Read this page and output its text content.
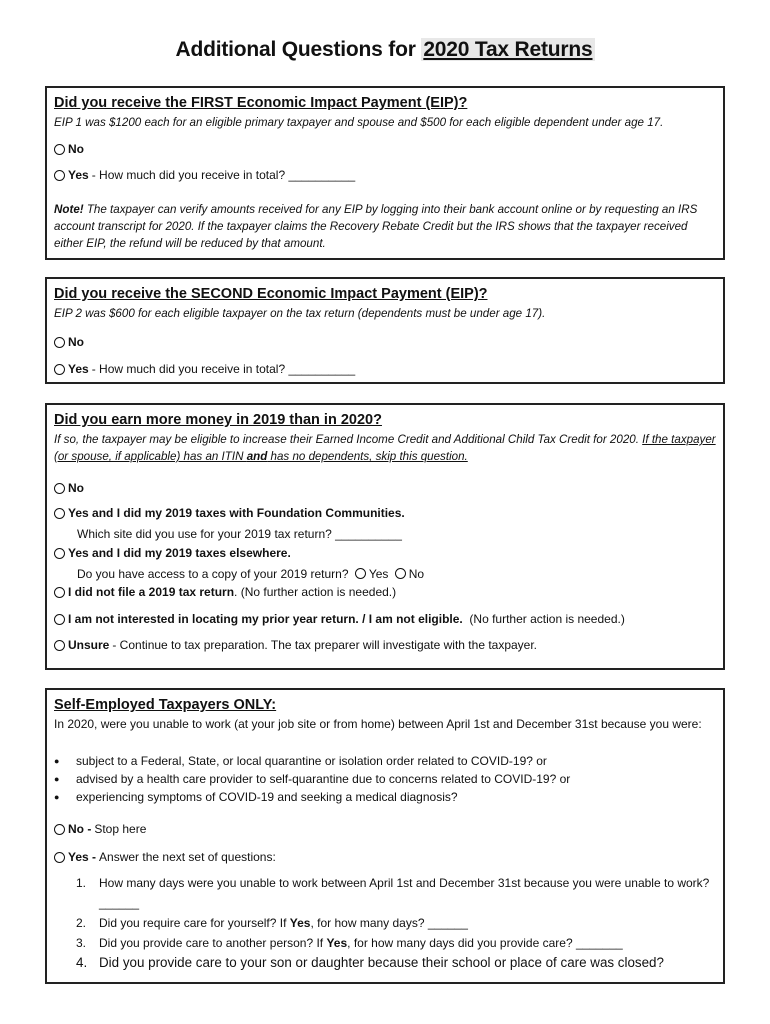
Additional Questions for 2020 Tax Returns

Did you receive the FIRST Economic Impact Payment (EIP)?

EIP 1 was $1200 each for an eligible primary taxpayer and spouse and $500 for each eligible dependent under age 17.

No
Yes - How much did you receive in total? __________
Note! The taxpayer can verify amounts received for any EIP by logging into their bank account online or by requesting an IRS account transcript for 2020. If the taxpayer claims the Recovery Rebate Credit but the IRS shows that the taxpayer received either EIP, the refund will be reduced by that amount.

Did you receive the SECOND Economic Impact Payment (EIP)?

EIP 2 was $600 for each eligible taxpayer on the tax return (dependents must be under age 17).

No
Yes - How much did you receive in total? __________

Did you earn more money in 2019 than in 2020?

If so, the taxpayer may be eligible to increase their Earned Income Credit and Additional Child Tax Credit for 2020. If the taxpayer (or spouse, if applicable) has an ITIN and has no dependents, skip this question.

No
Yes and I did my 2019 taxes with Foundation Communities.
Which site did you use for your 2019 tax return? __________
Yes and I did my 2019 taxes elsewhere.
Do you have access to a copy of your 2019 return? Yes No
I did not file a 2019 tax return . (No further action is needed.)
I am not interested in locating my prior year return. / I am not eligible. (No further action is needed.)
Unsure - Continue to tax preparation. The tax preparer will investigate with the taxpayer.

Self-Employed Taxpayers ONLY:

In 2020, were you unable to work (at your job site or from home) between April 1st and December 31st because you were:

● subject to a Federal, State, or local quarantine or isolation order related to COVID-19? or
● advised by a health care provider to self-quarantine due to concerns related to COVID-19? or
● experiencing symptoms of COVID-19 and seeking a medical diagnosis?
No - Stop here
Yes - Answer the next set of questions:
1. How many days were you unable to work between April 1st and December 31st because you were unable to work? ______
2. Did you require care for yourself? If Yes, for how many days? ______
3. Did you provide care to another person? If Yes, for how many days did you provide care? _______
4. Did you provide care to your son or daughter because their school or place of care was closed?
